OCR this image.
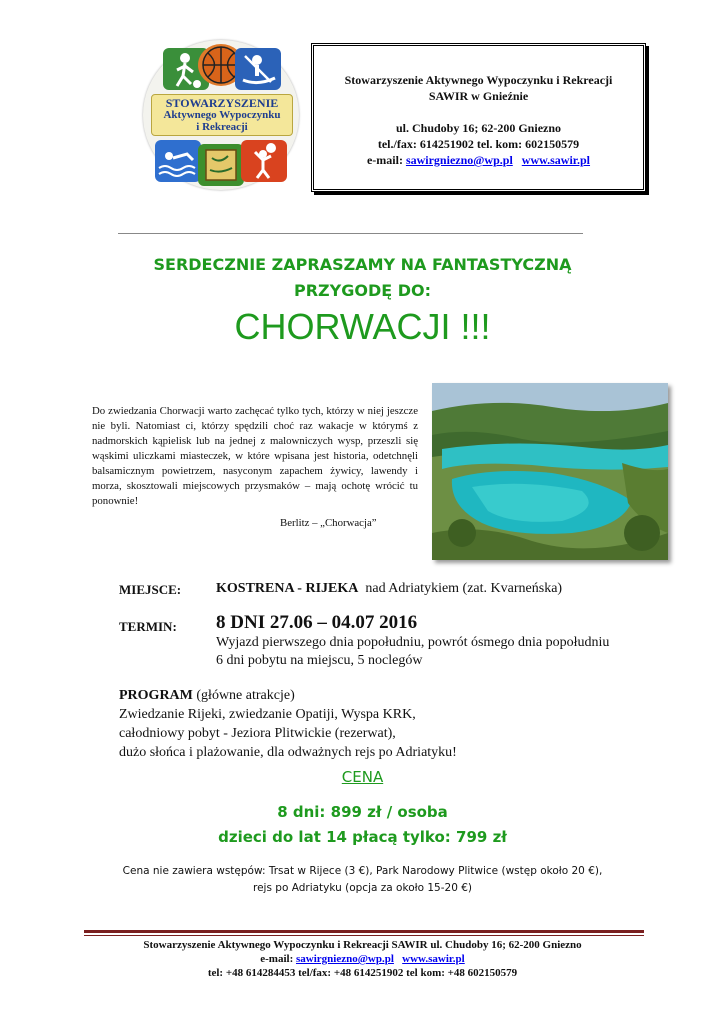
STOWARZYSZENIE
Aktywnego Wypoczynku
i Rekreacji
Stowarzyszenie Aktywnego Wypoczynku i Rekreacji
SAWIR w Gnieźnie
ul. Chudoby 16; 62-200 Gniezno
tel./fax: 614251902 tel. kom: 602150579
e-mail: sawirgniezno@wp.pl www.sawir.pl
SERDECZNIE ZAPRASZAMY NA FANTASTYCZNĄ
PRZYGODĘ DO:
CHORWACJI !!!
Do zwiedzania Chorwacji warto zachęcać tylko tych, którzy w niej jeszcze nie byli. Natomiast ci, którzy spędzili choć raz wakacje w którymś z nadmorskich kąpielisk lub na jednej z malowniczych wysp, przeszli się wąskimi uliczkami miasteczek, w które wpisana jest historia, odetchnęli balsamicznym powietrzem, nasyconym zapachem żywicy, lawendy i morza, skosztowali miejscowych przysmaków – mają ochotę wrócić tu ponownie!
Berlitz – „Chorwacja”
MIEJSCE: KOSTRENA - RIJEKA nad Adriatykiem (zat. Kvarneńska)
TERMIN: 8 DNI 27.06 – 04.07 2016
Wyjazd pierwszego dnia popołudniu, powrót ósmego dnia popołudniu
6 dni pobytu na miejscu, 5 noclegów
PROGRAM (główne atrakcje)
Zwiedzanie Rijeki, zwiedzanie Opatiji, Wyspa KRK,
całodniowy pobyt - Jeziora Plitwickie (rezerwat),
dużo słońca i plażowanie, dla odważnych rejs po Adriatyku!
CENA
8 dni: 899 zł / osoba
dzieci do lat 14 płacą tylko: 799 zł
Cena nie zawiera wstępów: Trsat w Rijece (3 €), Park Narodowy Plitwice (wstęp około 20 €),
rejs po Adriatyku (opcja za około 15-20 €)
Stowarzyszenie Aktywnego Wypoczynku i Rekreacji SAWIR ul. Chudoby 16; 62-200 Gniezno
e-mail: sawirgniezno@wp.pl www.sawir.pl
tel: +48 614284453 tel/fax: +48 614251902 tel kom: +48 602150579
